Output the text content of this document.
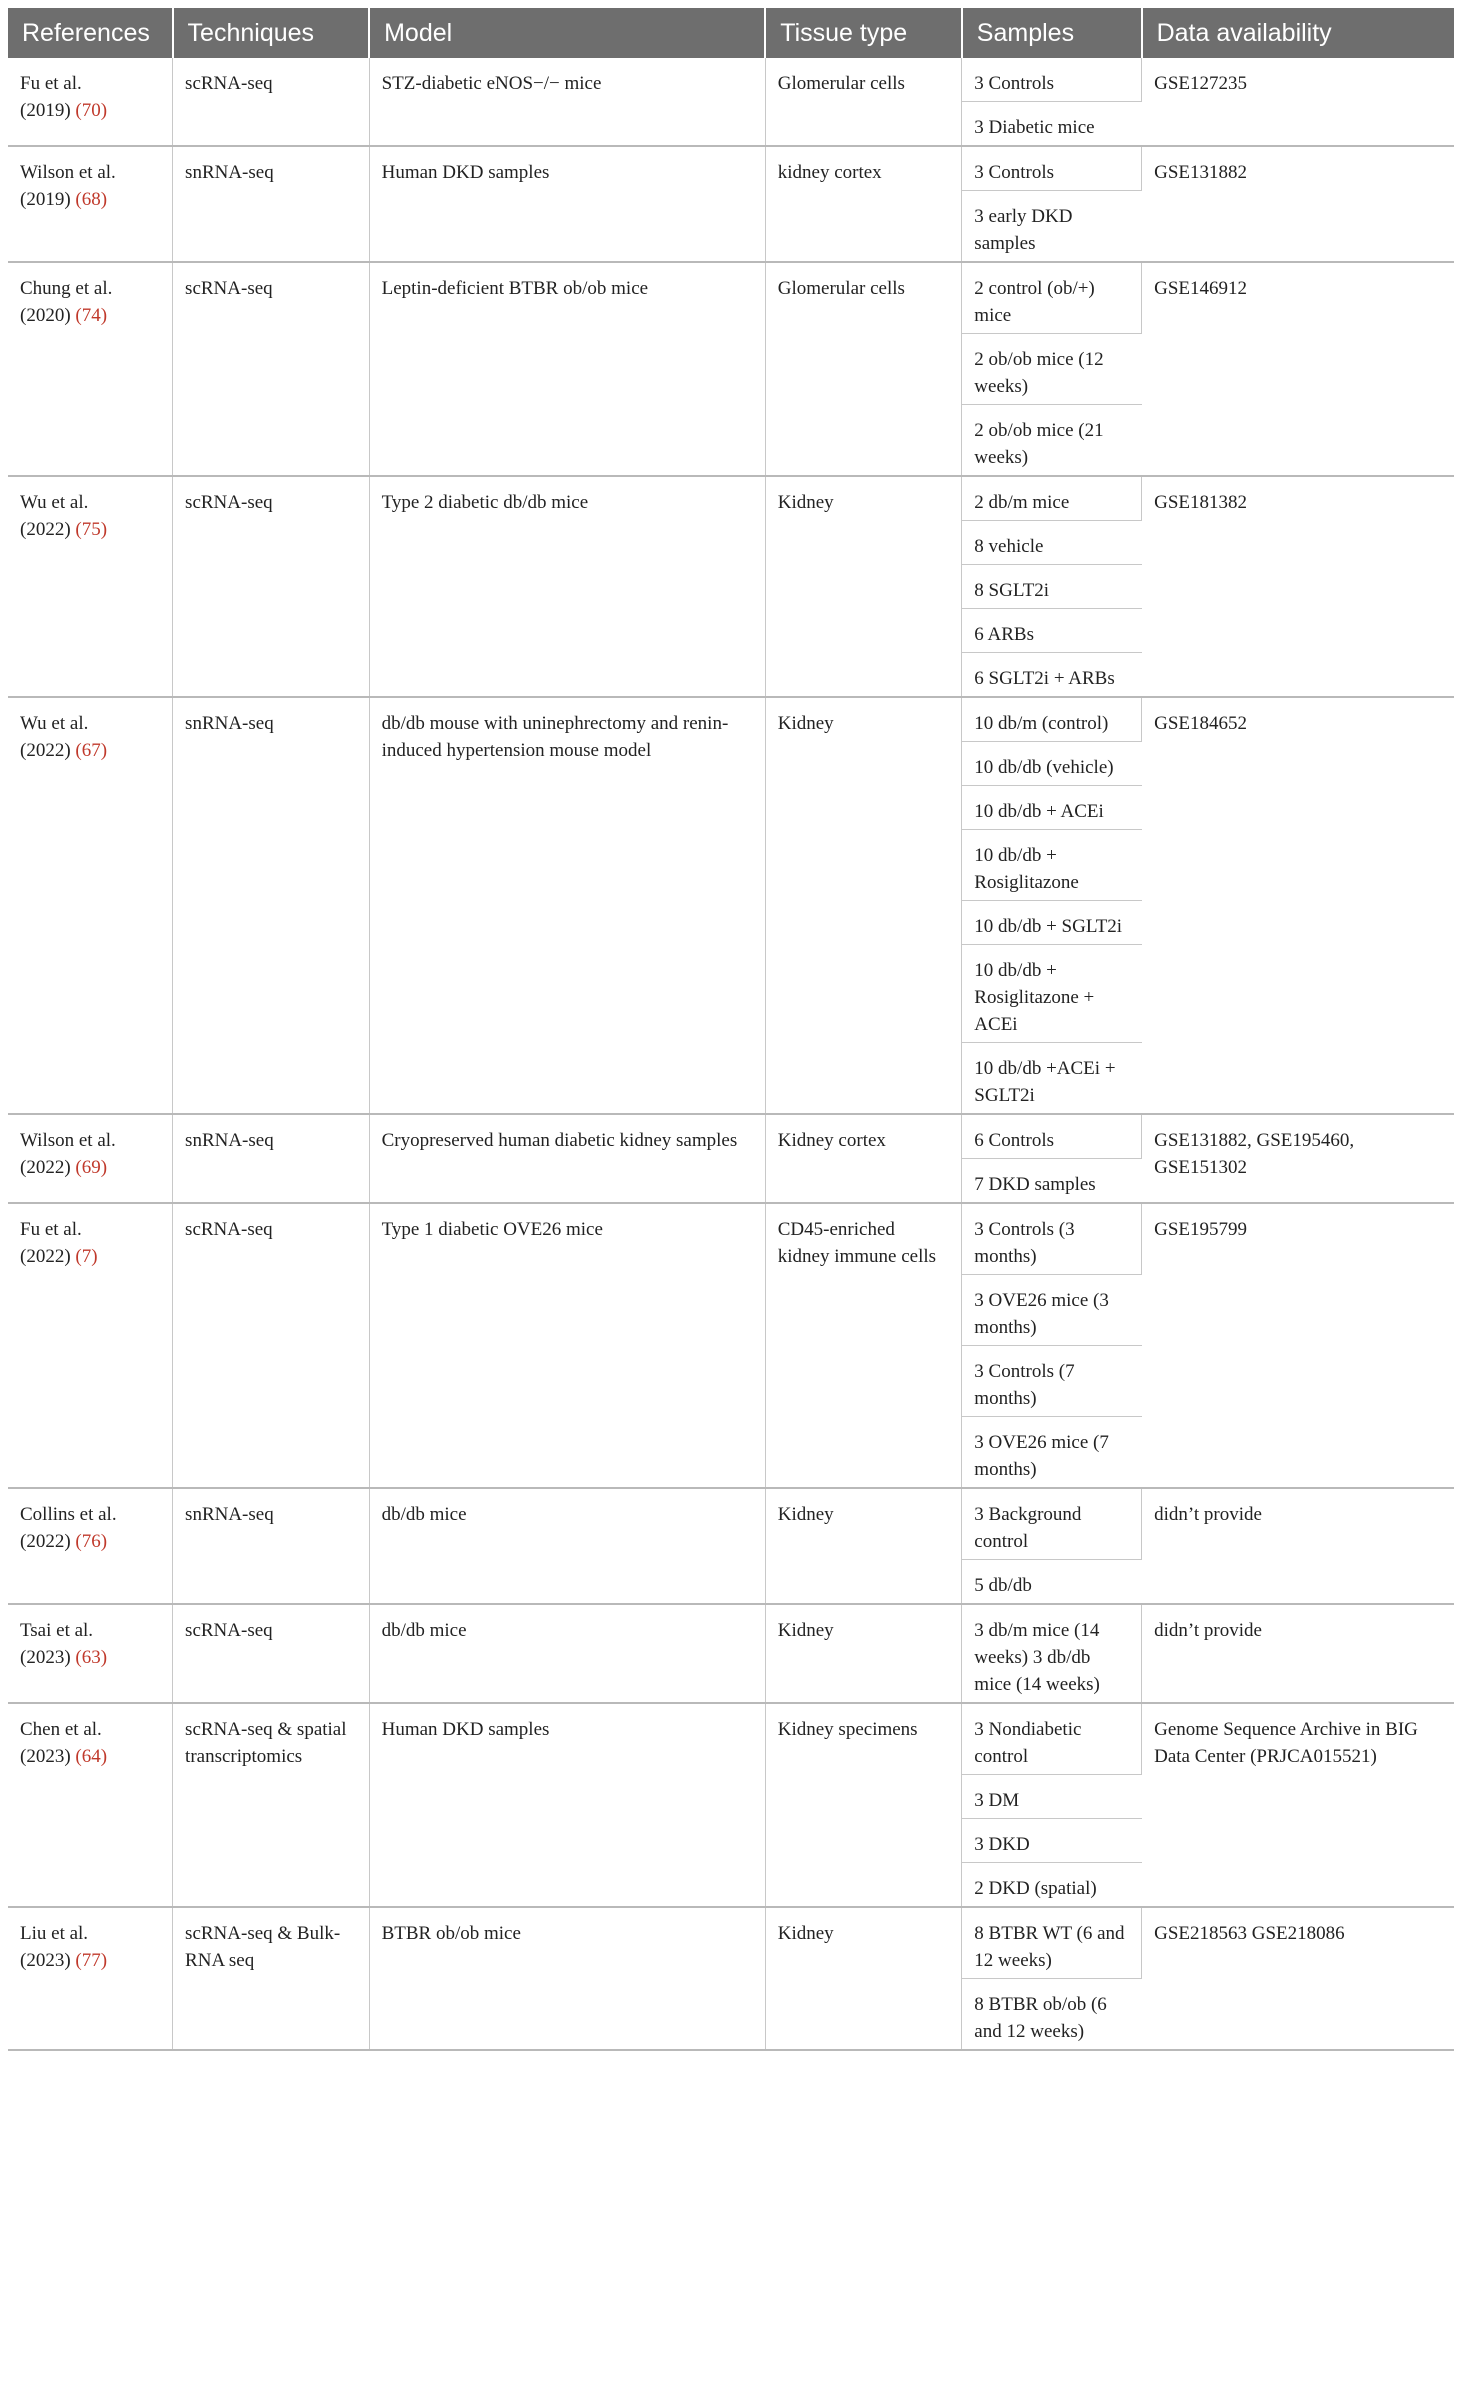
References	Techniques	Model	Tissue type	Samples	Data availability

Fu et al.
(2019) (70)	scRNA-seq	STZ-diabetic eNOS−/− mice	Glomerular cells	3 Controls	GSE127235
				3 Diabetic mice	

Wilson et al.
(2019) (68)	snRNA-seq	Human DKD samples	kidney cortex	3 Controls	GSE131882
				3 early DKD samples	

Chung et al.
(2020) (74)	scRNA-seq	Leptin-deficient BTBR ob/ob mice	Glomerular cells	2 control (ob/+) mice	GSE146912
				2 ob/ob mice (12 weeks)	
				2 ob/ob mice (21 weeks)	

Wu et al.
(2022) (75)	scRNA-seq	Type 2 diabetic db/db mice	Kidney	2 db/m mice	GSE181382
				8 vehicle	
				8 SGLT2i	
				6 ARBs	
				6 SGLT2i + ARBs	

Wu et al.
(2022) (67)	snRNA-seq	db/db mouse with uninephrectomy and renin-induced hypertension mouse model	Kidney	10 db/m (control)	GSE184652
				10 db/db (vehicle)	
				10 db/db + ACEi	
				10 db/db + Rosiglitazone	
				10 db/db + SGLT2i	
				10 db/db + Rosiglitazone + ACEi	
				10 db/db +ACEi + SGLT2i	

Wilson et al.
(2022) (69)	snRNA-seq	Cryopreserved human diabetic kidney samples	Kidney cortex	6 Controls	GSE131882, GSE195460, GSE151302
				7 DKD samples	

Fu et al.
(2022) (7)	scRNA-seq	Type 1 diabetic OVE26 mice	CD45-enriched kidney immune cells	3 Controls (3 months)	GSE195799
				3 OVE26 mice (3 months)	
				3 Controls (7 months)	
				3 OVE26 mice (7 months)	

Collins et al.
(2022) (76)	snRNA-seq	db/db mice	Kidney	3 Background control	didn’t provide
				5 db/db	

Tsai et al.
(2023) (63)	scRNA-seq	db/db mice	Kidney	3 db/m mice (14 weeks) 3 db/db mice (14 weeks)	didn’t provide

Chen et al.
(2023) (64)	scRNA-seq & spatial transcriptomics	Human DKD samples	Kidney specimens	3 Nondiabetic control	Genome Sequence Archive in BIG Data Center (PRJCA015521)
				3 DM	
				3 DKD	
				2 DKD (spatial)	

Liu et al.
(2023) (77)	scRNA-seq & Bulk-RNA seq	BTBR ob/ob mice	Kidney	8 BTBR WT (6 and 12 weeks)	GSE218563 GSE218086
				8 BTBR ob/ob (6 and 12 weeks)	
